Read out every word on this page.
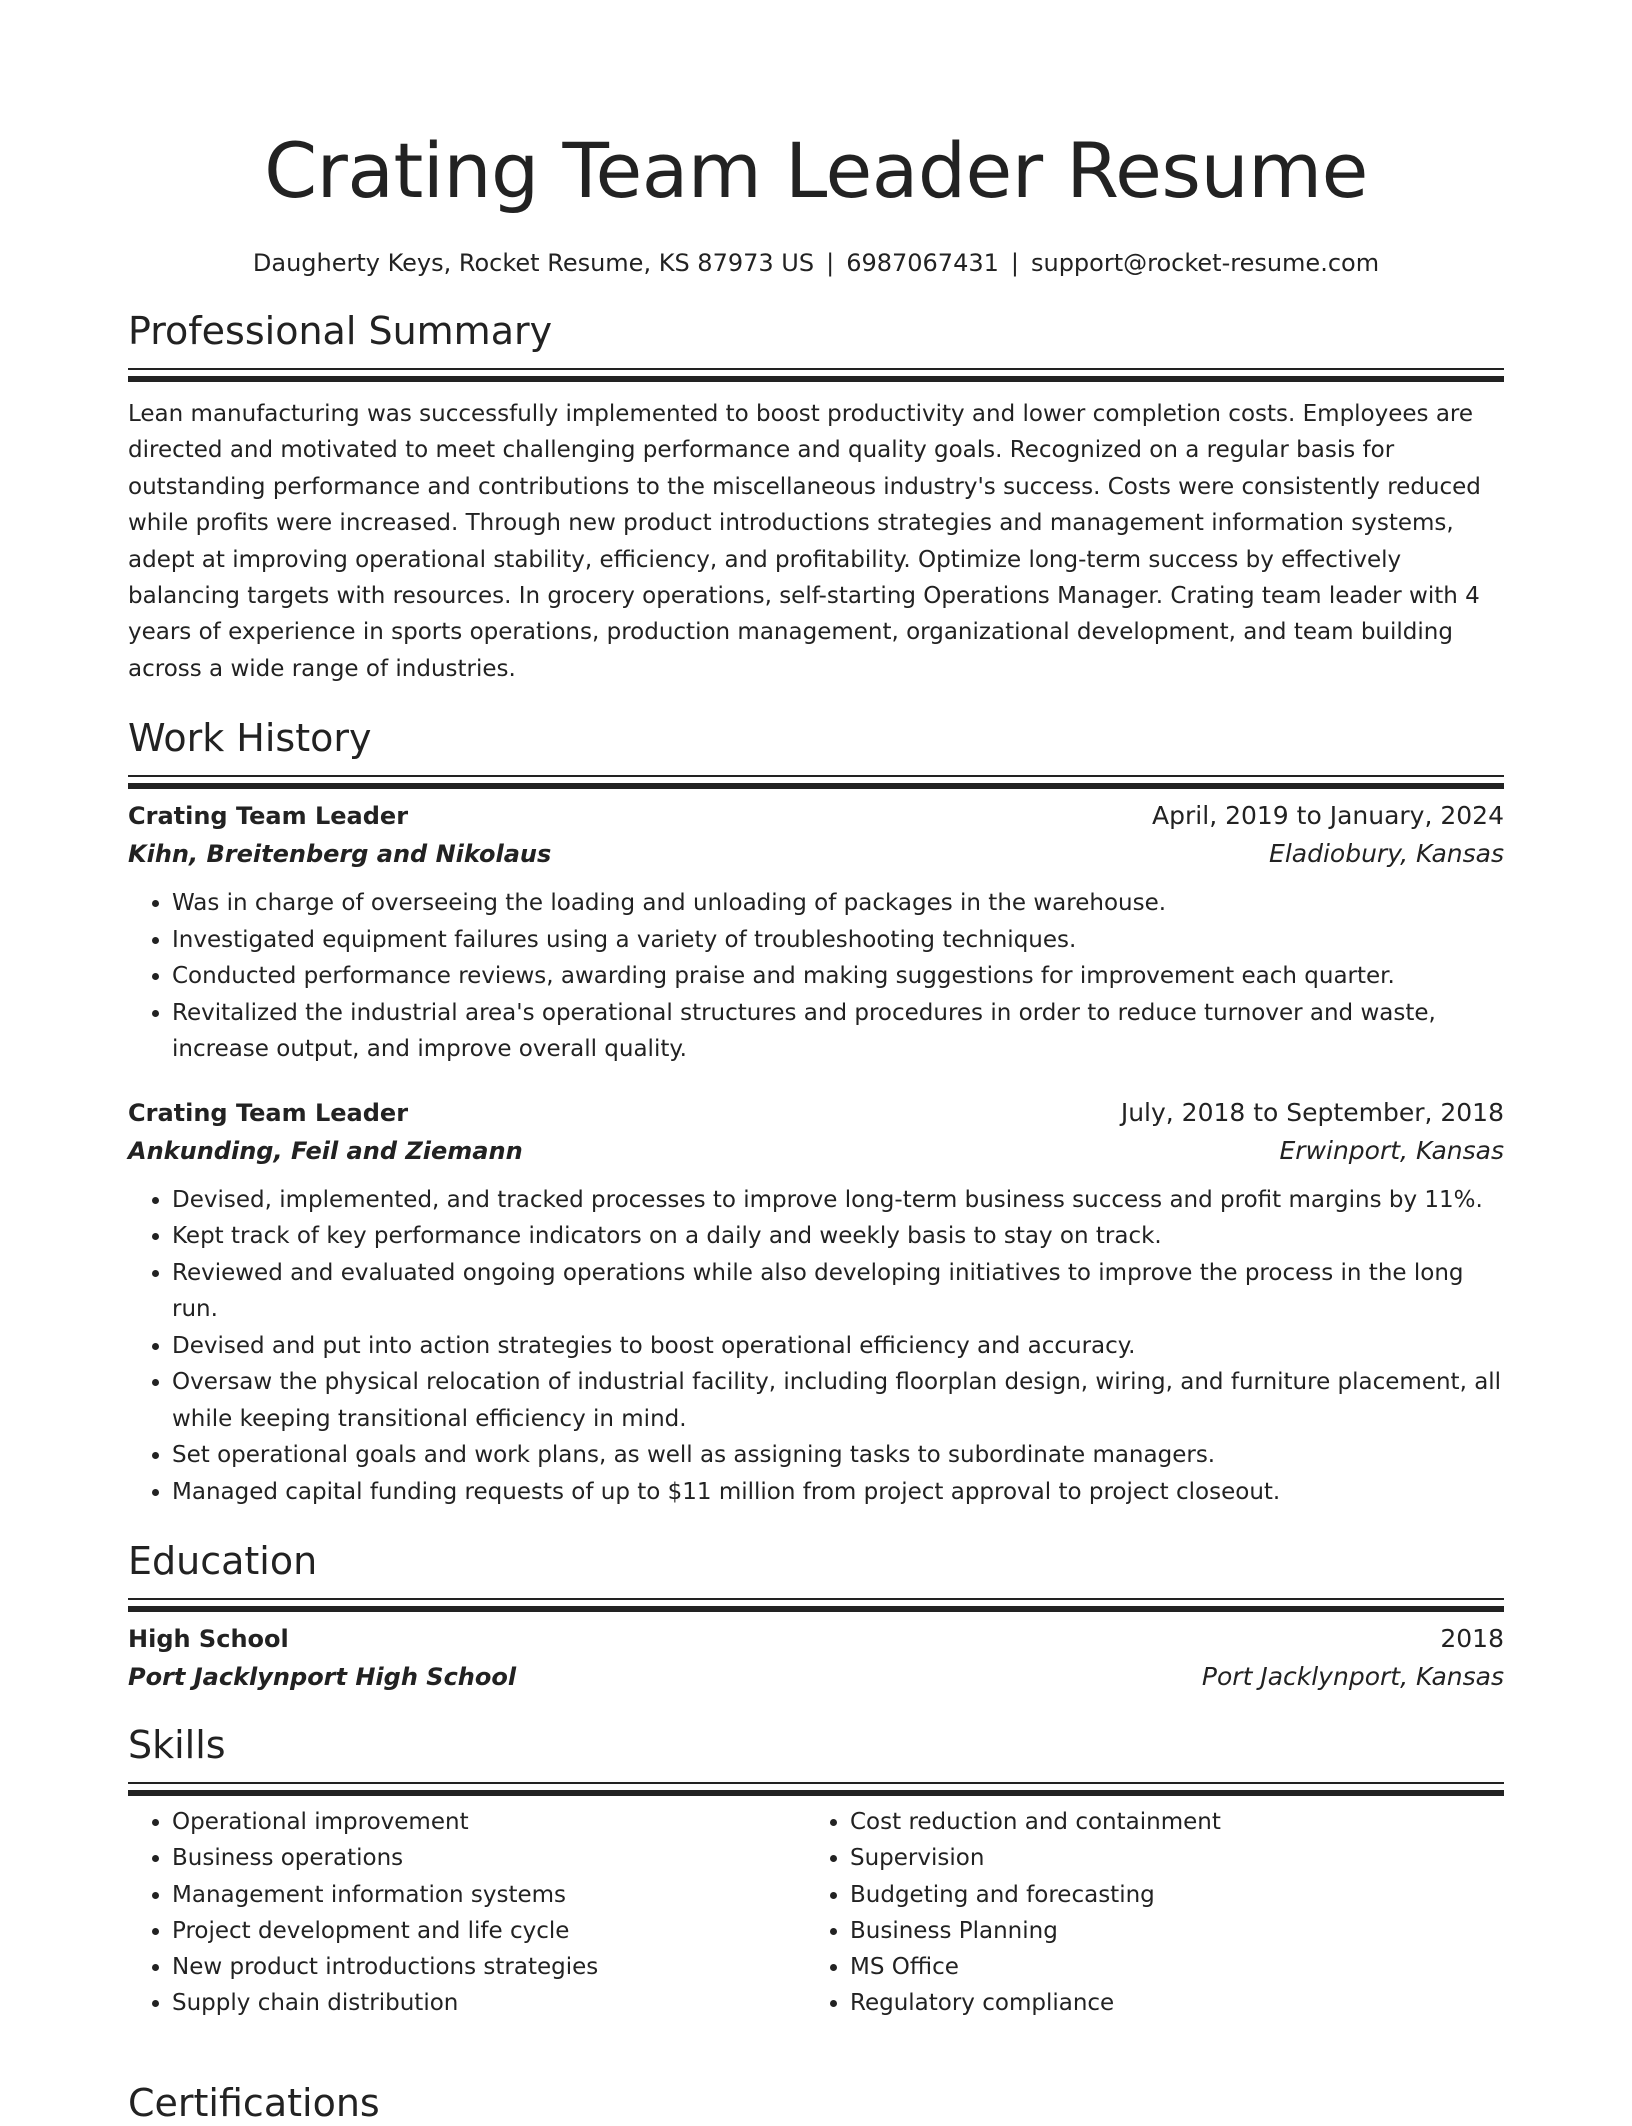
Crating Team Leader Resume
Daugherty Keys, Rocket Resume, KS 87973 US | 6987067431 | support@rocket-resume.com
Professional Summary

Lean manufacturing was successfully implemented to boost productivity and lower completion costs. Employees are directed and motivated to meet challenging performance and quality goals. Recognized on a regular basis for outstanding performance and contributions to the miscellaneous industry's success. Costs were consistently reduced while profits were increased. Through new product introductions strategies and management information systems, adept at improving operational stability, efficiency, and profitability. Optimize long-term success by effectively balancing targets with resources. In grocery operations, self-starting Operations Manager. Crating team leader with 4 years of experience in sports operations, production management, organizational development, and team building across a wide range of industries.

Work History
Crating Team Leader	April, 2019 to January, 2024
Kihn, Breitenberg and Nikolaus	Eladiobury, Kansas
• Was in charge of overseeing the loading and unloading of packages in the warehouse.
• Investigated equipment failures using a variety of troubleshooting techniques.
• Conducted performance reviews, awarding praise and making suggestions for improvement each quarter.
• Revitalized the industrial area's operational structures and procedures in order to reduce turnover and waste, increase output, and improve overall quality.
Crating Team Leader	July, 2018 to September, 2018
Ankunding, Feil and Ziemann	Erwinport, Kansas
• Devised, implemented, and tracked processes to improve long-term business success and profit margins by 11%.
• Kept track of key performance indicators on a daily and weekly basis to stay on track.
• Reviewed and evaluated ongoing operations while also developing initiatives to improve the process in the long run.
• Devised and put into action strategies to boost operational efficiency and accuracy.
• Oversaw the physical relocation of industrial facility, including floorplan design, wiring, and furniture placement, all while keeping transitional efficiency in mind.
• Set operational goals and work plans, as well as assigning tasks to subordinate managers.
• Managed capital funding requests of up to $11 million from project approval to project closeout.
Education
High School	2018
Port Jacklynport High School	Port Jacklynport, Kansas
Skills
• Operational improvement
• Business operations
• Management information systems
• Project development and life cycle
• New product introductions strategies
• Supply chain distribution
• Cost reduction and containment
• Supervision
• Budgeting and forecasting
• Business Planning
• MS Office
• Regulatory compliance
Certifications
